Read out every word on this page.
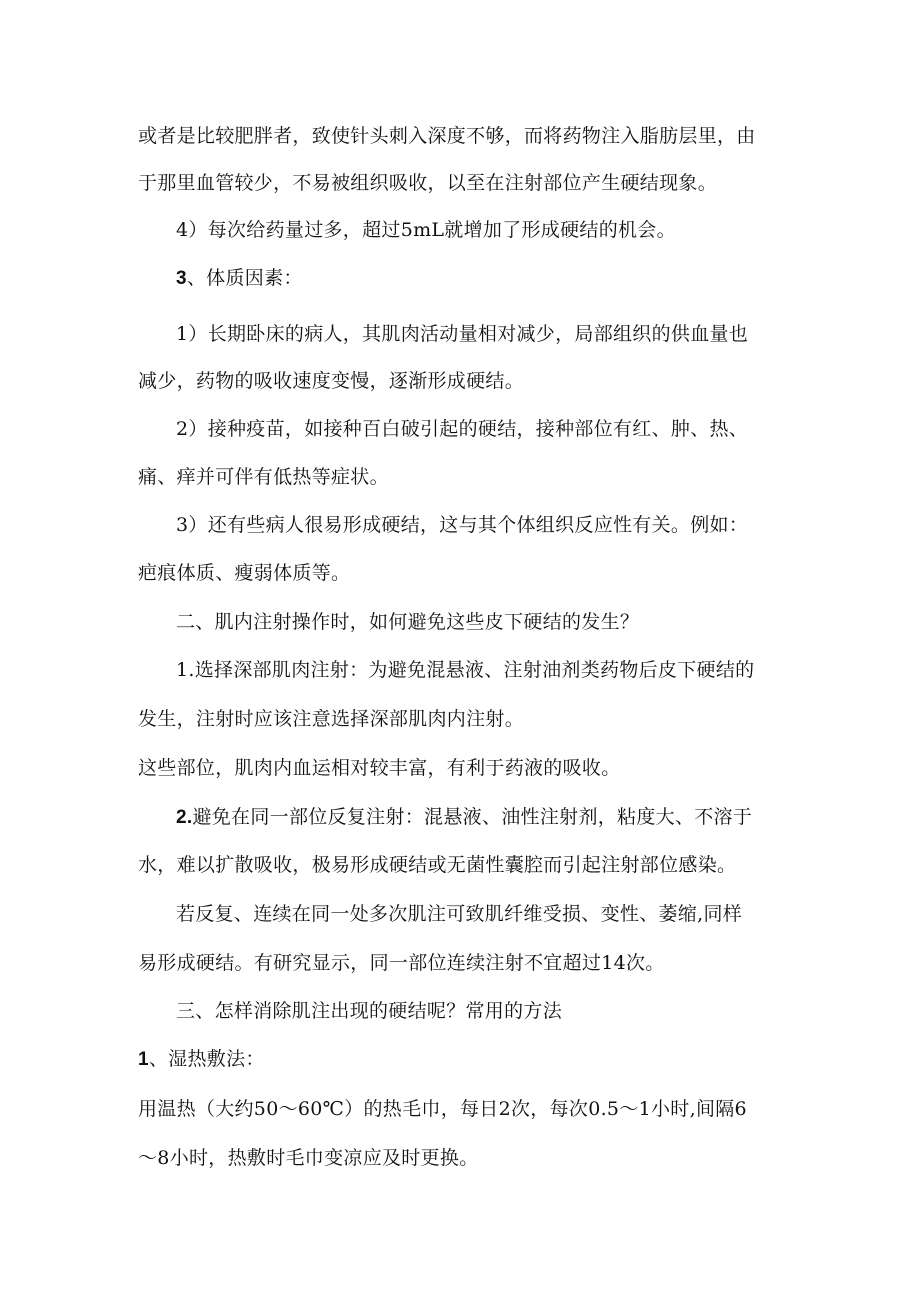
或者是比较肥胖者，致使针头刺入深度不够，而将药物注入脂肪层里，由
于那里血管较少，不易被组织吸收，以至在注射部位产生硬结现象。
4）每次给药量过多，超过5mL就增加了形成硬结的机会。
3、体质因素：
1）长期卧床的病人，其肌肉活动量相对减少，局部组织的供血量也
减少，药物的吸收速度变慢，逐渐形成硬结。
2）接种疫苗，如接种百白破引起的硬结，接种部位有红、肿、热、
痛、痒并可伴有低热等症状。
3）还有些病人很易形成硬结，这与其个体组织反应性有关。例如：
疤痕体质、瘦弱体质等。
二、肌内注射操作时，如何避免这些皮下硬结的发生？
1.选择深部肌肉注射：为避免混悬液、注射油剂类药物后皮下硬结的
发生，注射时应该注意选择深部肌肉内注射。
这些部位，肌肉内血运相对较丰富，有利于药液的吸收。
2.避免在同一部位反复注射：混悬液、油性注射剂，粘度大、不溶于
水，难以扩散吸收，极易形成硬结或无菌性囊腔而引起注射部位感染。
若反复、连续在同一处多次肌注可致肌纤维受损、变性、萎缩,同样
易形成硬结。有研究显示，同一部位连续注射不宜超过14次。
三、怎样消除肌注出现的硬结呢？常用的方法
1、湿热敷法：
用温热（大约50～60℃）的热毛巾，每日2次，每次0.5～1小时,间隔6
～8小时，热敷时毛巾变凉应及时更换。
